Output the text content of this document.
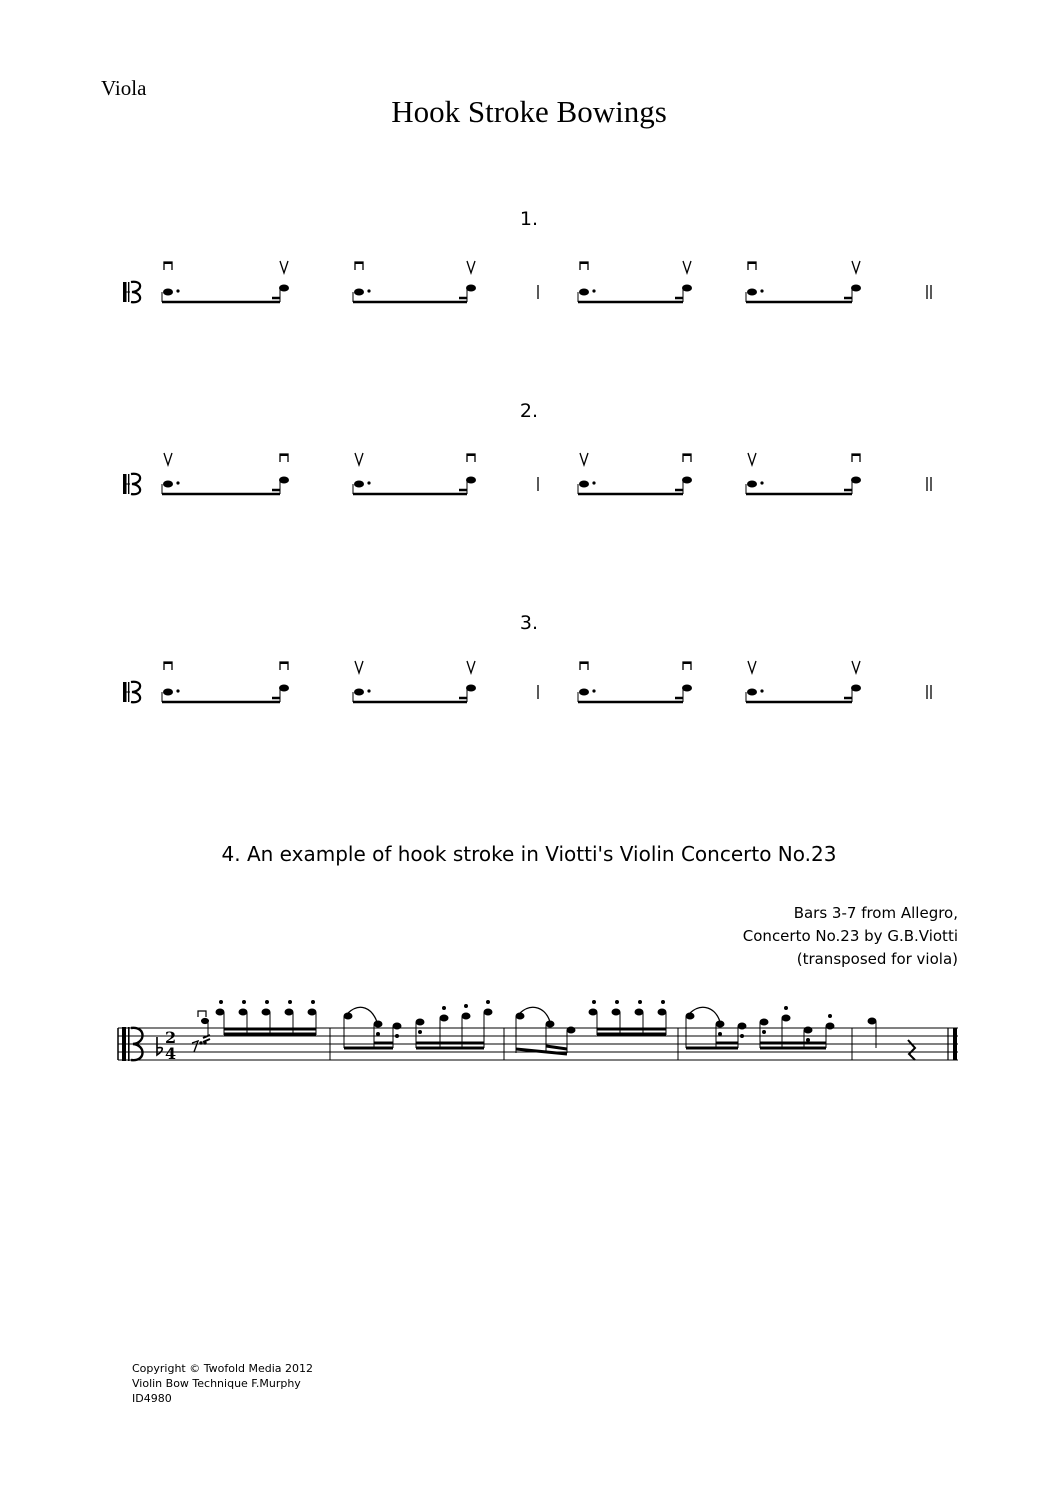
Viola
Hook Stroke Bowings
1.
2.
3.
4. An example of hook stroke in Viotti's Violin Concerto No.23
Bars 3-7 from Allegro,
Concerto No.23 by G.B.Viotti
(transposed for viola)
2
4
Copyright © Twofold Media 2012
Violin Bow Technique F.Murphy
ID4980
